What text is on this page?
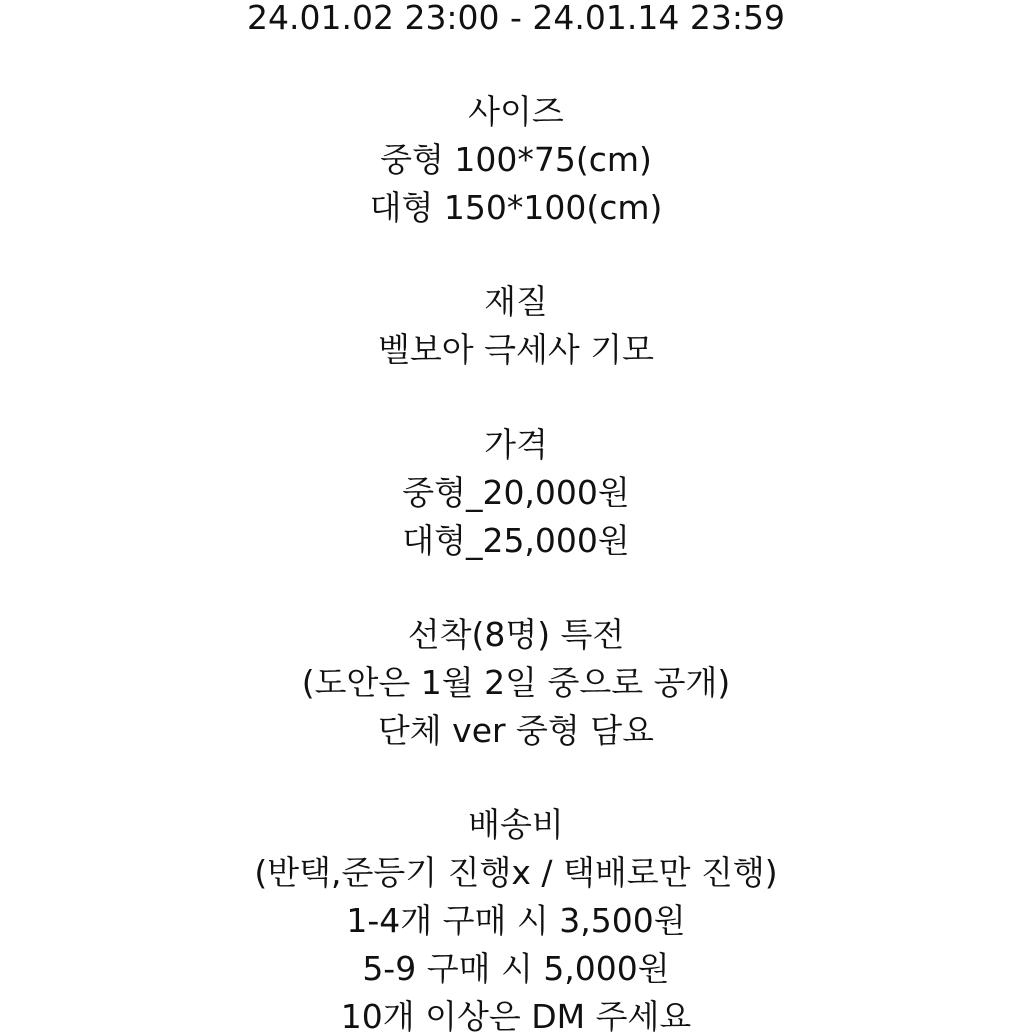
24.01.02 23:00 - 24.01.14 23:59
사이즈
중형 100*75(cm)
대형 150*100(cm)
재질
벨보아 극세사 기모
가격
중형_20,000원
대형_25,000원
선착(8명) 특전
(도안은 1월 2일 중으로 공개)
단체 ver 중형 담요
배송비
(반택,준등기 진행x / 택배로만 진행)
1-4개 구매 시 3,500원
5-9 구매 시 5,000원
10개 이상은 DM 주세요
